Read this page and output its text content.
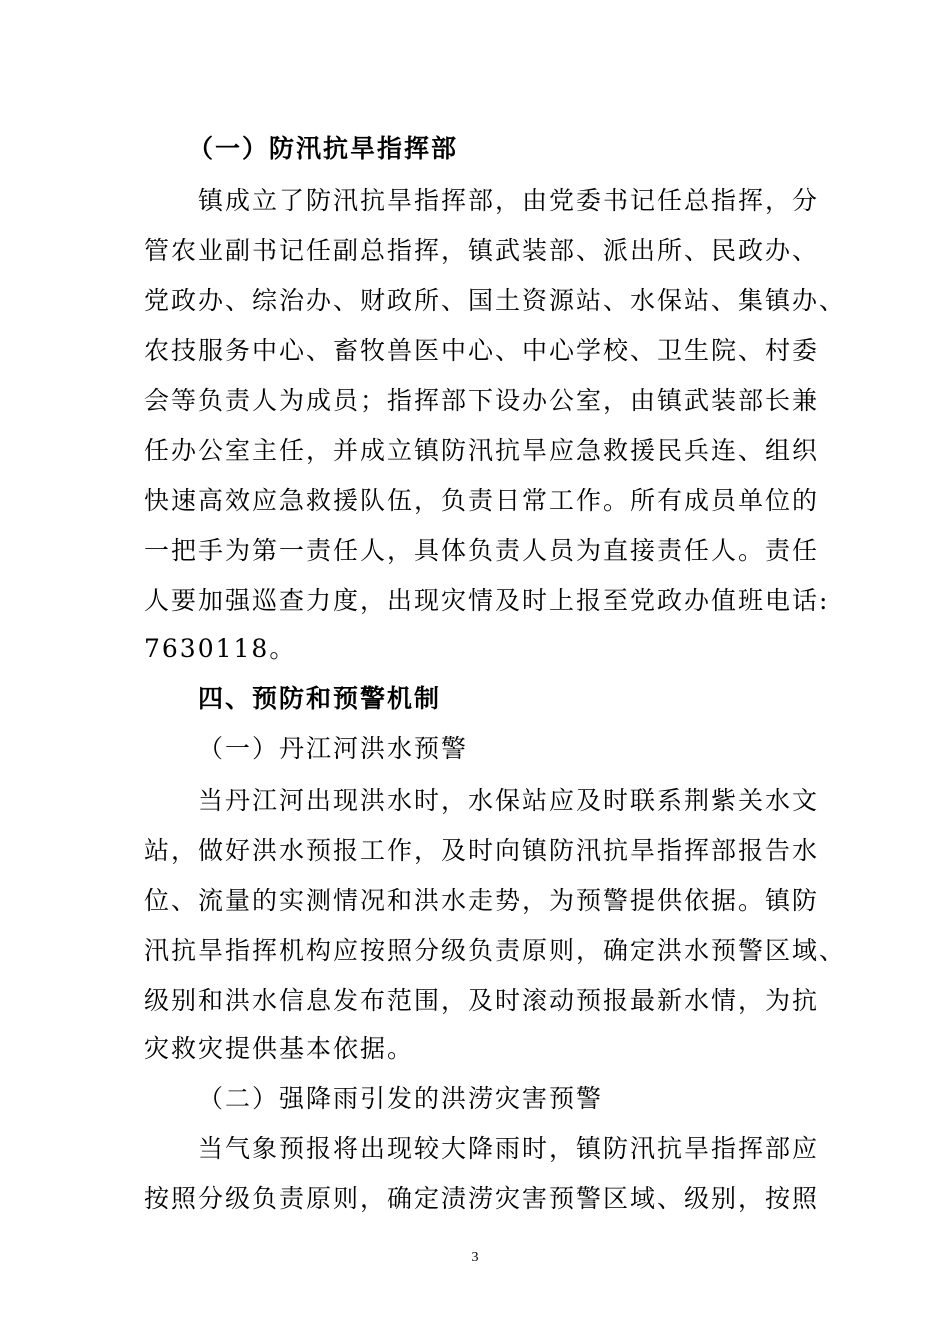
（一）防汛抗旱指挥部
镇成立了防汛抗旱指挥部，由党委书记任总指挥，分
管农业副书记任副总指挥，镇武装部、派出所、民政办、
党政办、综治办、财政所、国土资源站、水保站、集镇办、
农技服务中心、畜牧兽医中心、中心学校、卫生院、村委
会等负责人为成员；指挥部下设办公室，由镇武装部长兼
任办公室主任，并成立镇防汛抗旱应急救援民兵连、组织
快速高效应急救援队伍，负责日常工作。所有成员单位的
一把手为第一责任人，具体负责人员为直接责任人。责任
人要加强巡查力度，出现灾情及时上报至党政办值班电话:
7630118。
四、预防和预警机制
（一）丹江河洪水预警
当丹江河出现洪水时，水保站应及时联系荆紫关水文
站，做好洪水预报工作，及时向镇防汛抗旱指挥部报告水
位、流量的实测情况和洪水走势，为预警提供依据。镇防
汛抗旱指挥机构应按照分级负责原则，确定洪水预警区域、
级别和洪水信息发布范围，及时滚动预报最新水情，为抗
灾救灾提供基本依据。
（二）强降雨引发的洪涝灾害预警
当气象预报将出现较大降雨时，镇防汛抗旱指挥部应
按照分级负责原则，确定渍涝灾害预警区域、级别，按照
3
